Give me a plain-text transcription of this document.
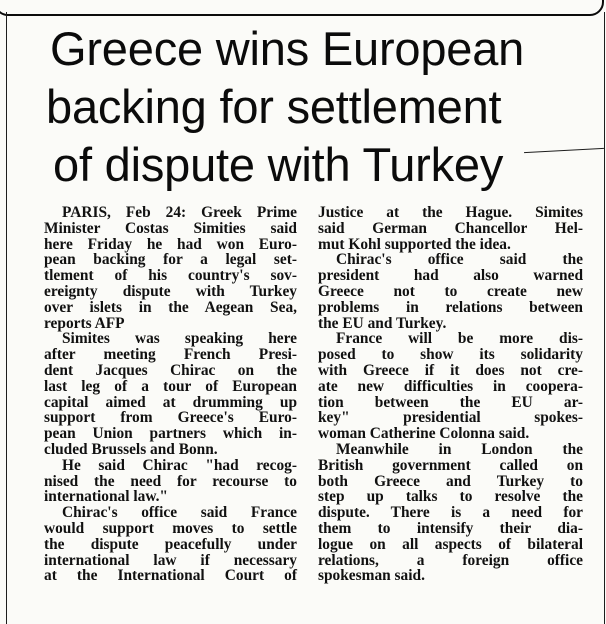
Greece wins European
backing for settlement
of dispute with Turkey

PARIS, Feb 24: Greek Prime
Minister Costas Simities said
here Friday he had won Euro-
pean backing for a legal set-
tlement of his country's sov-
ereignty dispute with Turkey
over islets in the Aegean Sea,
reports AFP

Simites was speaking here
after meeting French Presi-
dent Jacques Chirac on the
last leg of a tour of European
capital aimed at drumming up
support from Greece's Euro-
pean Union partners which in-
cluded Brussels and Bonn.

He said Chirac "had recog-
nised the need for recourse to
international law."

Chirac's office said France
would support moves to settle
the dispute peacefully under
international law if necessary
at the International Court of

Justice at the Hague. Simites
said German Chancellor Hel-
mut Kohl supported the idea.

Chirac's office said the
president had also warned
Greece not to create new
problems in relations between
the EU and Turkey.

France will be more dis-
posed to show its solidarity
with Greece if it does not cre-
ate new difficulties in coopera-
tion between the EU ar-
key" presidential spokes-
woman Catherine Colonna said.

Meanwhile in London the
British government called on
both Greece and Turkey to
step up talks to resolve the
dispute. There is a need for
them to intensify their dia-
logue on all aspects of bilateral
relations, a foreign office
spokesman said.
